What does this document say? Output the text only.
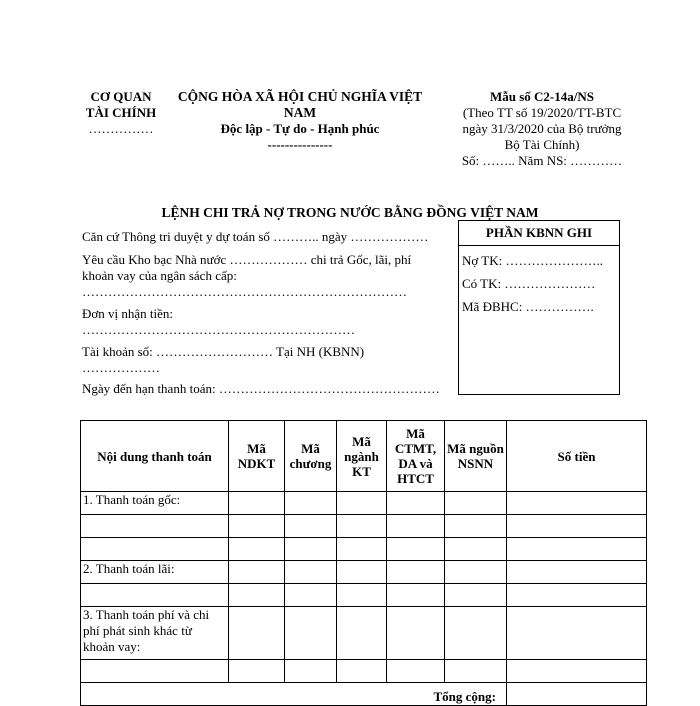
CƠ QUAN
TÀI CHÍNH
……………
CỘNG HÒA XÃ HỘI CHỦ NGHĨA VIỆT
NAM
Độc lập - Tự do - Hạnh phúc
---------------
Mẫu số C2-14a/NS
(Theo TT số 19/2020/TT-BTC
ngày 31/3/2020 của Bộ trưởng
Bộ Tài Chính)
Số: …….. Năm NS: …………
LỆNH CHI TRẢ NỢ TRONG NƯỚC BẰNG ĐỒNG VIỆT NAM
Căn cứ Thông tri duyệt y dự toán số ……….. ngày ………………
Yêu cầu Kho bạc Nhà nước ……………… chi trả Gốc, lãi, phí
khoản vay của ngân sách cấp:
…………………………………………………………………
Đơn vị nhận tiền:
………………………………………………………
Tài khoản số: ……………………… Tại NH (KBNN)
………………
Ngày đến hạn thanh toán: ……………………………………………
PHẦN KBNN GHI
Nợ TK: …………………..
Có TK: …………………
Mã ĐBHC: …………….
Nội dung thanh toán	Mã NDKT	Mã chương	Mã ngành KT	Mã CTMT, DA và HTCT	Mã nguồn NSNN	Số tiền
1. Thanh toán gốc:						

2. Thanh toán lãi:						

3. Thanh toán phí và chi phí phát sinh khác từ khoản vay:						

Tổng cộng:						
